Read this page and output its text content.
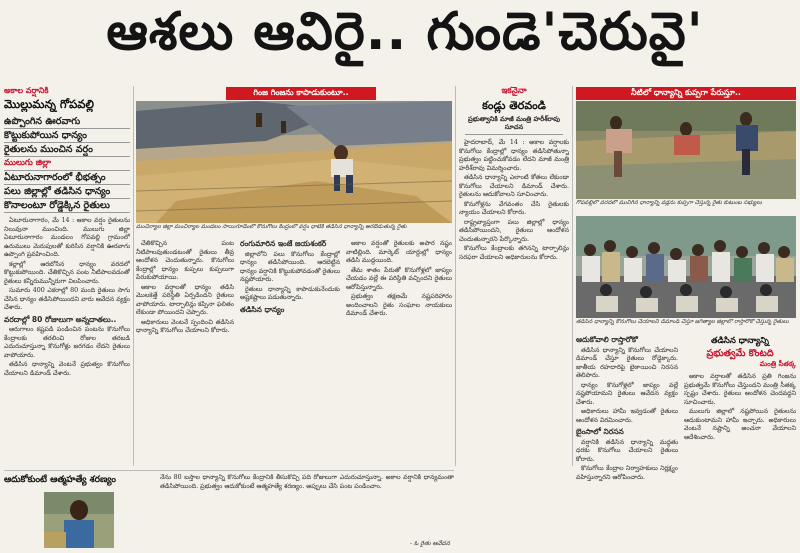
ఆశలు ఆవిరై.. గుండె'చెరువై'
అకాల వర్షానికి
మొల్లుమన్న గోపవల్లి
ఉప్పొంగిన ఊరవాగు
కొట్టుకుపోయిన ధాన్యం
రైతులను ముంచిన వర్షం
ములుగు జిల్లా
ఏటూరునాగారంలో భీభత్సం
పలు జిల్లాల్లో తడిసిన ధాన్యం
కొనాలంటూ రోడ్డెక్కిన రైతులు

ఏటూరునాగారం, మే 14 : ఆకాల వర్షం రైతులను నిలువునా ముంచింది. ములుగు జిల్లా ఏటూరునాగారం మండలం గోపవల్లి గ్రామంలో ఉరుములు మెరుపులతో కురిసిన వర్షానికి ఊరవాగు ఉప్పొంగి ప్రవహించింది.

కల్లాల్లో ఆరబోసిన ధాన్యం వరదలో కొట్టుకుపోయింది. చేతికొచ్చిన పంట నీటిపాలవడంతో రైతులు కన్నీరుమున్నీరుగా విలపించారు.

సుమారు 400 ఎకరాల్లో 80 మంది రైతులు సాగు చేసిన ధాన్యం తడిసిపోయిందని వారు ఆవేదన వ్యక్తం చేశారు.

వరదాల్లో 80 రోజులుగా అన్నదాతలు..

ఆరుగాలం కష్టపడి పండించిన పంటను కొనుగోలు కేంద్రాలకు తరలించి రోజుల తరబడి ఎదురుచూస్తున్నా కొనుగోళ్లు జరగడం లేదని రైతులు వాపోయారు.

తడిసిన ధాన్యాన్ని వెంటనే ప్రభుత్వం కొనుగోలు చేయాలని డిమాండ్ చేశారు.

గింజ గింజను కాపాడుకుంటూ..
మంచిర్యాల జిల్లా మంచిర్యాల మండలం సాయిగూడెంలో కొనుగోలు కేంద్రంలో వర్షం ధాటికి తడిసిన ధాన్యాన్ని ఆరబెడుతున్న రైతు

చేతికొచ్చిన పంట నీటిపాలవుతుండటంతో రైతులు తీవ్ర ఆందోళన చెందుతున్నారు. కొనుగోలు కేంద్రాల్లో ధాన్యం కుప్పలు కుప్పలుగా పేరుకుపోయాయి.

అకాల వర్షాలతో ధాన్యం తడిసి మొలకెత్తే పరిస్థితి ఏర్పడిందని రైతులు వాపోయారు. టార్పాలిన్లు కప్పినా ఫలితం లేకుండా పోయిందని చెప్పారు.

అధికారులు వెంటనే స్పందించి తడిసిన ధాన్యాన్ని కొనుగోలు చేయాలని కోరారు.

రంగుమారిన ఇంజే జయశంకర్

జిల్లాలోని పలు కొనుగోలు కేంద్రాల్లో ధాన్యం తడిసిపోయింది. ఆరబెట్టిన ధాన్యం వర్షానికి కొట్టుకుపోవడంతో రైతులు నష్టపోయారు.

రైతులు ధాన్యాన్ని కాపాడుకునేందుకు అష్టకష్టాలు పడుతున్నారు.

తడిసిన ధాన్యం

అకాల వర్షంతో రైతులకు అపార నష్టం వాటిల్లింది. మార్కెట్ యార్డుల్లో ధాన్యం తడిసి ముద్దయింది.

తేమ శాతం పేరుతో కొనుగోళ్లలో జాప్యం చేయడం వల్లే ఈ పరిస్థితి వచ్చిందని రైతులు ఆరోపిస్తున్నారు.

ప్రభుత్వం తక్షణమే నష్టపరిహారం అందించాలని రైతు సంఘాల నాయకులు డిమాండ్ చేశారు.

ఇకనైనా
కండ్లు తెరవండి
ప్రభుత్వానికి మాజీ మంత్రి హరీశ్‌రావు సూచన

హైదరాబాద్, మే 14 : అకాల వర్షాలకు కొనుగోలు కేంద్రాల్లో ధాన్యం తడిసిపోతున్నా ప్రభుత్వం పట్టించుకోవడం లేదని మాజీ మంత్రి హరీశ్‌రావు విమర్శించారు.

తడిసిన ధాన్యాన్ని ఎలాంటి కోతలు లేకుండా కొనుగోలు చేయాలని డిమాండ్ చేశారు. రైతులను ఆదుకోవాలని సూచించారు.

కొనుగోళ్లను వేగవంతం చేసి రైతులకు న్యాయం చేయాలని కోరారు.

రాష్ట్రవ్యాప్తంగా పలు జిల్లాల్లో ధాన్యం తడిసిపోయిందని, రైతులు ఆందోళన చెందుతున్నారని పేర్కొన్నారు.

కొనుగోలు కేంద్రాలకు తగినన్ని టార్పాలిన్లు సరఫరా చేయాలని అధికారులను కోరారు.

నీటిలో ధాన్యాన్ని కుప్పగా పేరుస్తూ..
గోపవల్లిలో వరదలో మునిగిన ధాన్యాన్ని వడ్లను కుప్పగా చేస్తున్న రైతు కుటుంబ సభ్యులు
తడిసిన ధాన్యాన్ని కొనుగోలు చేయాలని డిమాండ్ చేస్తూ జగిత్యాల జిల్లాలో రాస్తారోకో చేస్తున్న రైతులు
ఆదుకోవాలి రాస్తారోకో

తడిసిన ధాన్యాన్ని కొనుగోలు చేయాలని డిమాండ్ చేస్తూ రైతులు రోడ్డెక్కారు. జాతీయ రహదారిపై బైఠాయించి నిరసన తెలిపారు.

ధాన్యం కొనుగోళ్లలో జాప్యం వల్లే నష్టపోయామని రైతులు ఆవేదన వ్యక్తం చేశారు.

అధికారులు హామీ ఇవ్వడంతో రైతులు ఆందోళన విరమించారు.

బైంసాలో నిరసన

వర్షానికి తడిసిన ధాన్యాన్ని మద్దతు ధరకు కొనుగోలు చేయాలని రైతులు కోరారు.

కొనుగోలు కేంద్రాల నిర్వాహకులు నిర్లక్ష్యం వహిస్తున్నారని ఆరోపించారు.

తడిసిన ధాన్యాన్ని
ప్రభుత్వమే కొంటది
మంత్రి సీతక్క

అకాల వర్షాలతో తడిసిన ప్రతి గింజను ప్రభుత్వమే కొనుగోలు చేస్తుందని మంత్రి సీతక్క స్పష్టం చేశారు. రైతులు ఆందోళన చెందవద్దని సూచించారు.

ములుగు జిల్లాలో నష్టపోయిన రైతులను ఆదుకుంటామని హామీ ఇచ్చారు. అధికారులు వెంటనే నష్టాన్ని అంచనా వేయాలని ఆదేశించారు.

ఆదుకోకుంటే ఆత్మహత్యే శరణ్యం	నేను 80 బస్తాల ధాన్యాన్ని కొనుగోలు కేంద్రానికి తీసుకొచ్చి పది రోజులుగా ఎదురుచూస్తున్నా. అకాల వర్షానికి ధాన్యమంతా తడిసిపోయింది. ప్రభుత్వం ఆదుకోకుంటే ఆత్మహత్యే శరణ్యం. అప్పులు చేసి పంట పండించాం.
- ఓ రైతు ఆవేదన
